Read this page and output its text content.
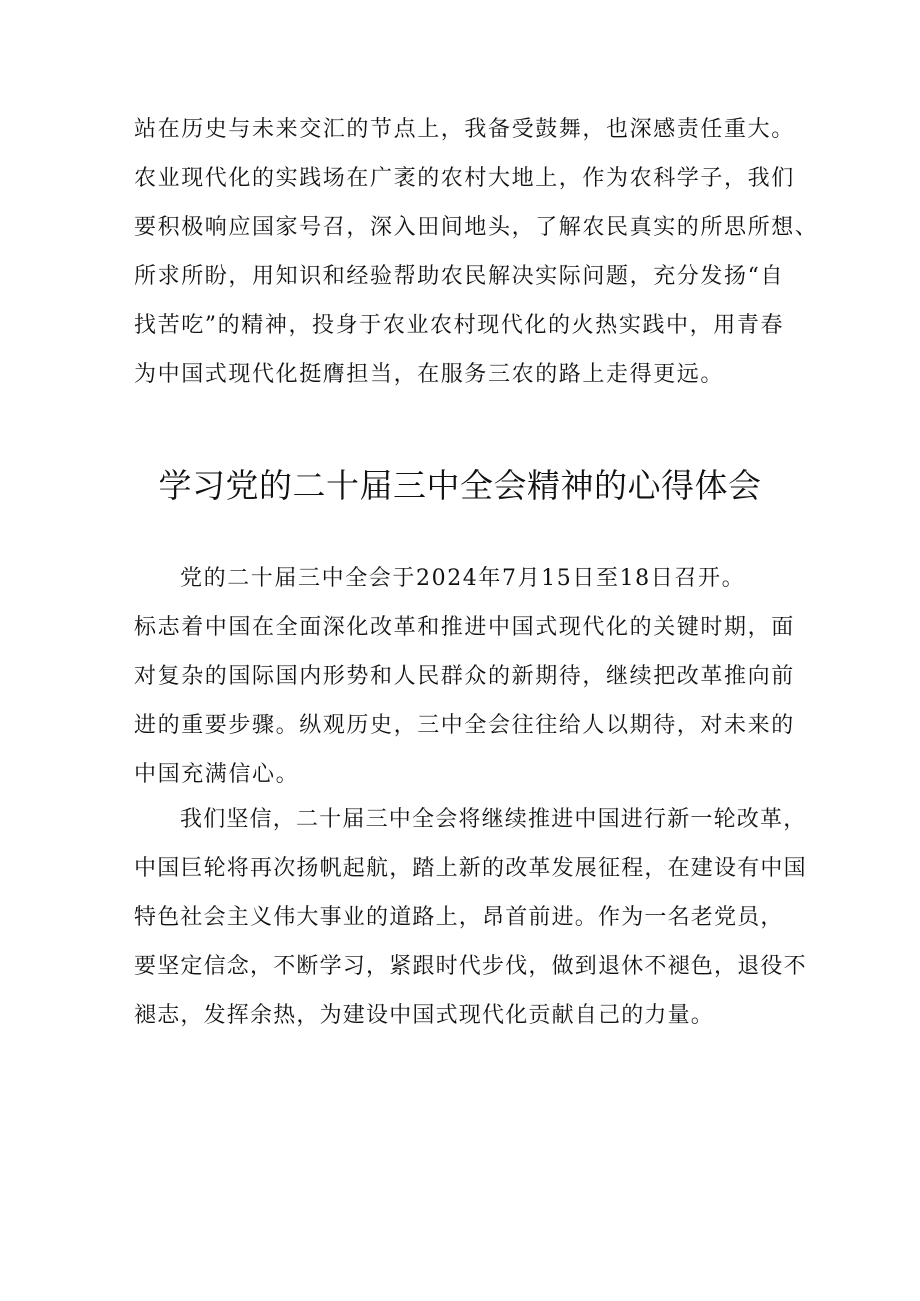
站在历史与未来交汇的节点上，我备受鼓舞，也深感责任重大。
农业现代化的实践场在广袤的农村大地上，作为农科学子，我们
要积极响应国家号召，深入田间地头，了解农民真实的所思所想、
所求所盼，用知识和经验帮助农民解决实际问题，充分发扬“自
找苦吃”的精神，投身于农业农村现代化的火热实践中，用青春
为中国式现代化挺膺担当，在服务三农的路上走得更远。
学习党的二十届三中全会精神的心得体会
党的二十届三中全会于2024年7月15日至18日召开。
标志着中国在全面深化改革和推进中国式现代化的关键时期，面
对复杂的国际国内形势和人民群众的新期待，继续把改革推向前
进的重要步骤。纵观历史，三中全会往往给人以期待，对未来的
中国充满信心。
我们坚信，二十届三中全会将继续推进中国进行新一轮改革，
中国巨轮将再次扬帆起航，踏上新的改革发展征程，在建设有中国
特色社会主义伟大事业的道路上，昂首前进。作为一名老党员，
要坚定信念，不断学习，紧跟时代步伐，做到退休不褪色，退役不
褪志，发挥余热，为建设中国式现代化贡献自己的力量。
